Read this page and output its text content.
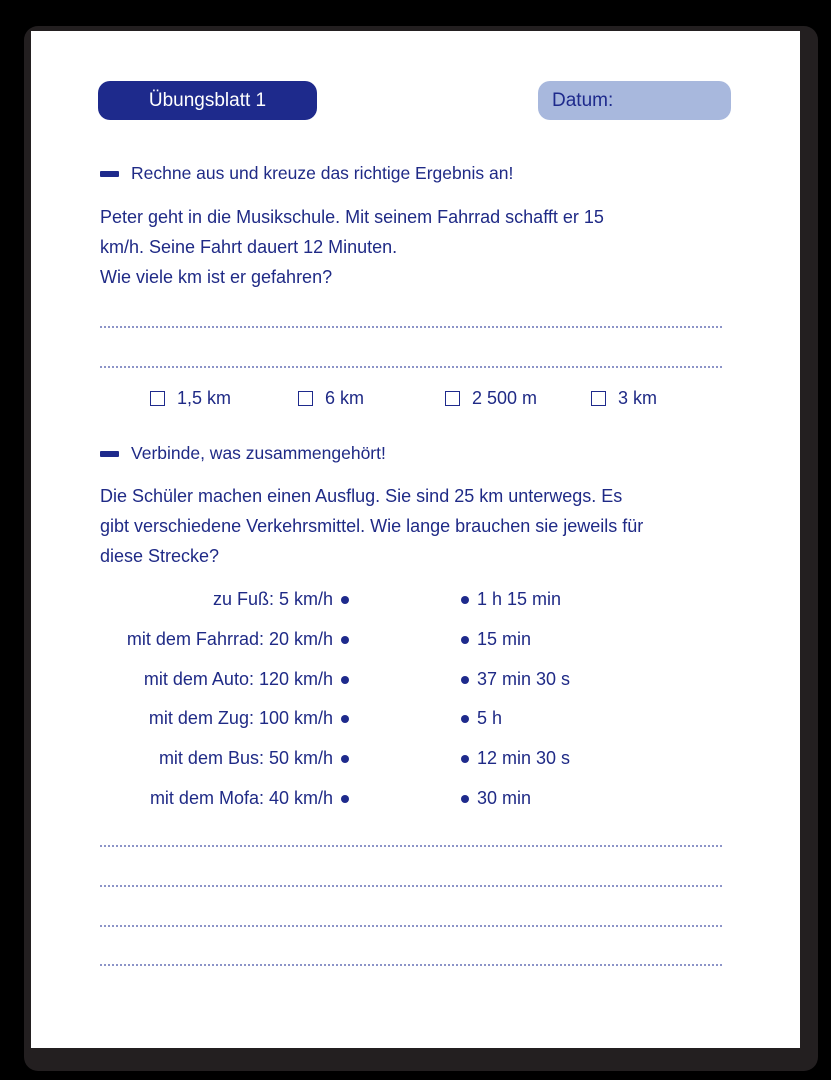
Übungsblatt 1	Datum:
Rechne aus und kreuze das richtige Ergebnis an!
Peter geht in die Musikschule. Mit seinem Fahrrad schafft er 15
km/h. Seine Fahrt dauert 12 Minuten.
Wie viele km ist er gefahren?
1,5 km	6 km	2 500 m	3 km
Verbinde, was zusammengehört!
Die Schüler machen einen Ausflug. Sie sind 25 km unterwegs. Es
gibt verschiedene Verkehrsmittel. Wie lange brauchen sie jeweils für
diese Strecke?
zu Fuß: 5 km/h	1 h 15 min
mit dem Fahrrad: 20 km/h	15 min
mit dem Auto: 120 km/h	37 min 30 s
mit dem Zug: 100 km/h	5 h
mit dem Bus: 50 km/h	12 min 30 s
mit dem Mofa: 40 km/h	30 min
